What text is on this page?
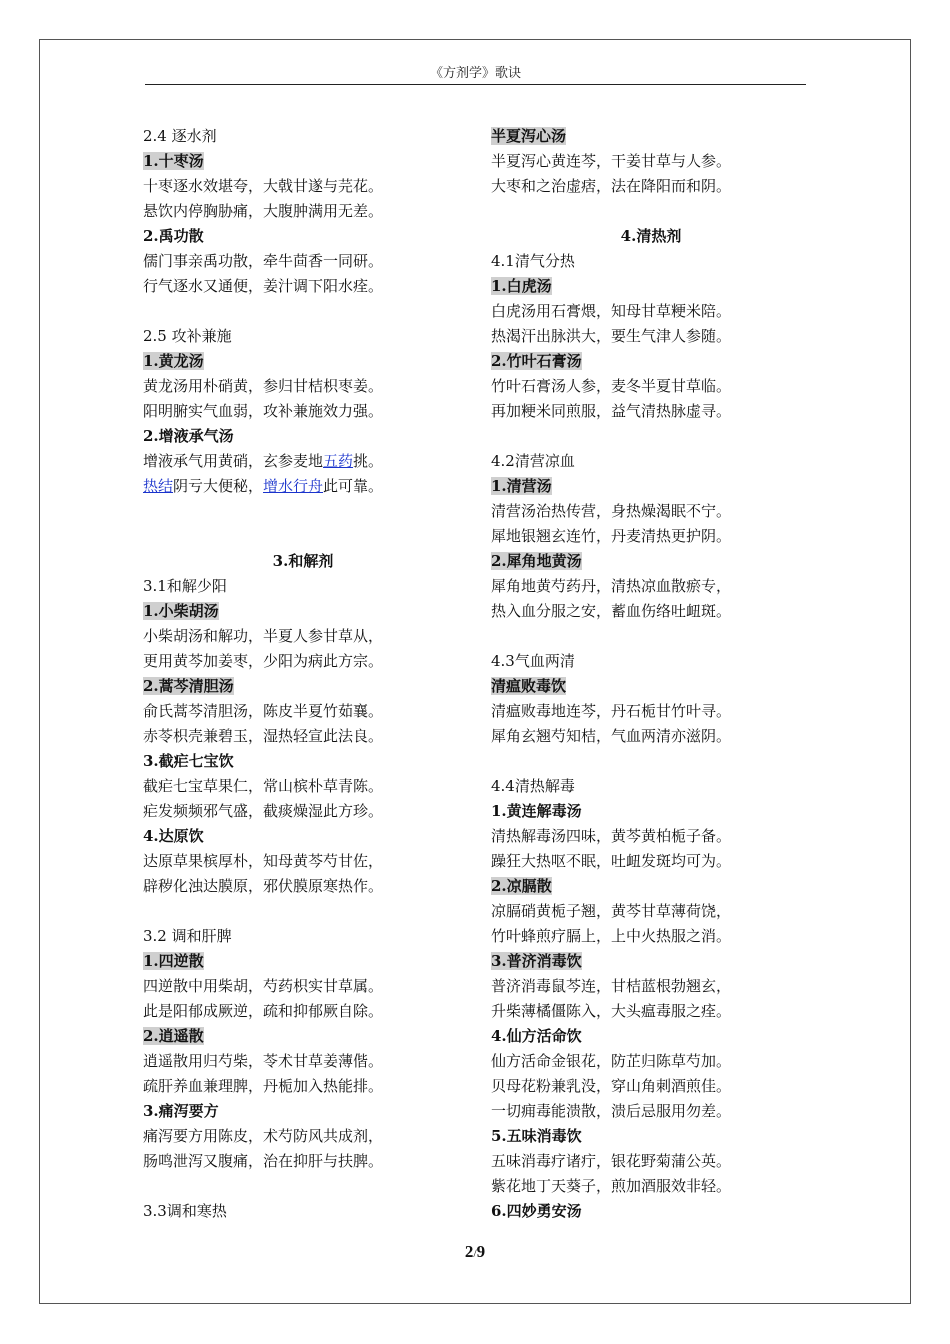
《方剂学》歌诀
2.4 逐水剂
1.十枣汤
十枣逐水效堪夸，大戟甘遂与芫花。
悬饮内停胸胁痛，大腹肿满用无差。
2.禹功散
儒门事亲禹功散，牵牛茴香一同研。
行气逐水又通便，姜汁调下阳水痊。
2.5 攻补兼施
1.黄龙汤
黄龙汤用朴硝黄，参归甘桔枳枣姜。
阳明腑实气血弱，攻补兼施效力强。
2.增液承气汤
增液承气用黄硝，玄参麦地五药挑。
热结阴亏大便秘，增水行舟此可靠。
3.和解剂
3.1和解少阳
1.小柴胡汤
小柴胡汤和解功，半夏人参甘草从，
更用黄芩加姜枣，少阳为病此方宗。
2.蒿芩清胆汤
俞氏蒿芩清胆汤，陈皮半夏竹茹襄。
赤苓枳壳兼碧玉，湿热轻宣此法良。
3.截疟七宝饮
截疟七宝草果仁，常山槟朴草青陈。
疟发频频邪气盛，截痰燥湿此方珍。
4.达原饮
达原草果槟厚朴，知母黄芩芍甘佐，
辟秽化浊达膜原，邪伏膜原寒热作。
3.2 调和肝脾
1.四逆散
四逆散中用柴胡，芍药枳实甘草属。
此是阳郁成厥逆，疏和抑郁厥自除。
2.逍遥散
逍遥散用归芍柴，苓术甘草姜薄偕。
疏肝养血兼理脾，丹栀加入热能排。
3.痛泻要方
痛泻要方用陈皮，术芍防风共成剂，
肠鸣泄泻又腹痛，治在抑肝与扶脾。
3.3调和寒热
半夏泻心汤
半夏泻心黄连芩，干姜甘草与人参。
大枣和之治虚痞，法在降阳而和阴。
4.清热剂
4.1清气分热
1.白虎汤
白虎汤用石膏煨，知母甘草粳米陪。
热渴汗出脉洪大，要生气津人参随。
2.竹叶石膏汤
竹叶石膏汤人参，麦冬半夏甘草临。
再加粳米同煎服，益气清热脉虚寻。
4.2清营凉血
1.清营汤
清营汤治热传营，身热燥渴眠不宁。
犀地银翘玄连竹，丹麦清热更护阴。
2.犀角地黄汤
犀角地黄芍药丹，清热凉血散瘀专，
热入血分服之安，蓄血伤络吐衄斑。
4.3气血两清
清瘟败毒饮
清瘟败毒地连芩，丹石栀甘竹叶寻。
犀角玄翘芍知桔，气血两清亦滋阴。
4.4清热解毒
1.黄连解毒汤
清热解毒汤四味，黄芩黄柏栀子备。
躁狂大热呕不眠，吐衄发斑均可为。
2.凉膈散
凉膈硝黄栀子翘，黄芩甘草薄荷饶，
竹叶蜂煎疗膈上，上中火热服之消。
3.普济消毒饮
普济消毒鼠芩连，甘桔蓝根勃翘玄，
升柴薄橘僵陈入，大头瘟毒服之痊。
4.仙方活命饮
仙方活命金银花，防芷归陈草芍加。
贝母花粉兼乳没，穿山角刺酒煎佳。
一切痈毒能溃散，溃后忌服用勿差。
5.五味消毒饮
五味消毒疗诸疔，银花野菊蒲公英。
紫花地丁天葵子，煎加酒服效非轻。
6.四妙勇安汤
2/9
